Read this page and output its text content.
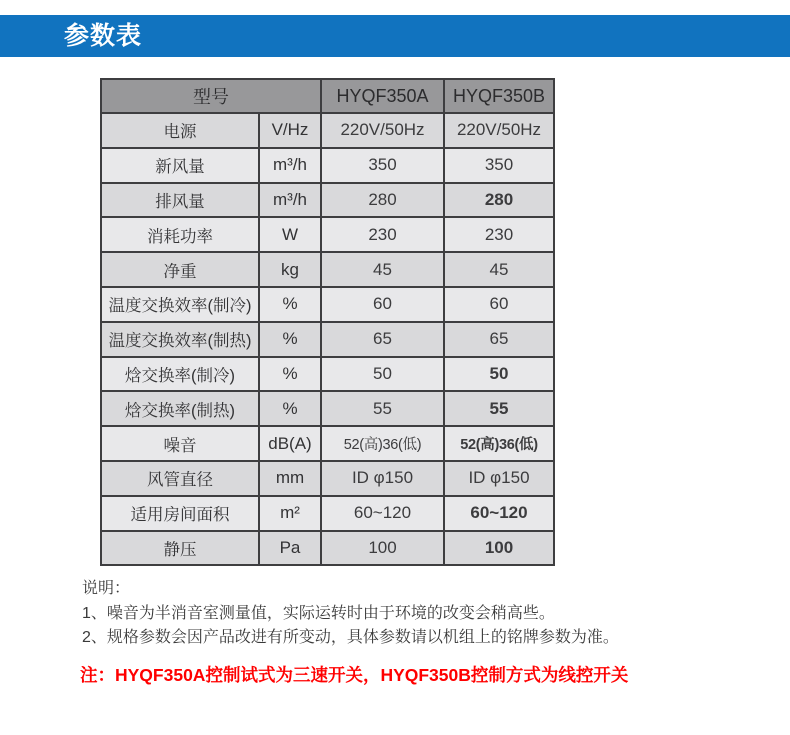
参数表
型号		HYQF350A	HYQF350B
电源	V/Hz	220V/50Hz	220V/50Hz
新风量	m³/h	350	350
排风量	m³/h	280	280
消耗功率	W	230	230
净重	kg	45	45
温度交换效率(制冷)	%	60	60
温度交换效率(制热)	%	65	65
焓交换率(制冷)	%	50	50
焓交换率(制热)	%	55	55
噪音	dB(A)	52(高)36(低)	52(高)36(低)
风管直径	mm	ID φ150	ID φ150
适用房间面积	m²	60~120	60~120
静压	Pa	100	100

说明：

1、噪音为半消音室测量值，实际运转时由于环境的改变会稍高些。

2、规格参数会因产品改进有所变动，具体参数请以机组上的铭牌参数为准。

注：HYQF350A控制试式为三速开关，HYQF350B控制方式为线控开关
